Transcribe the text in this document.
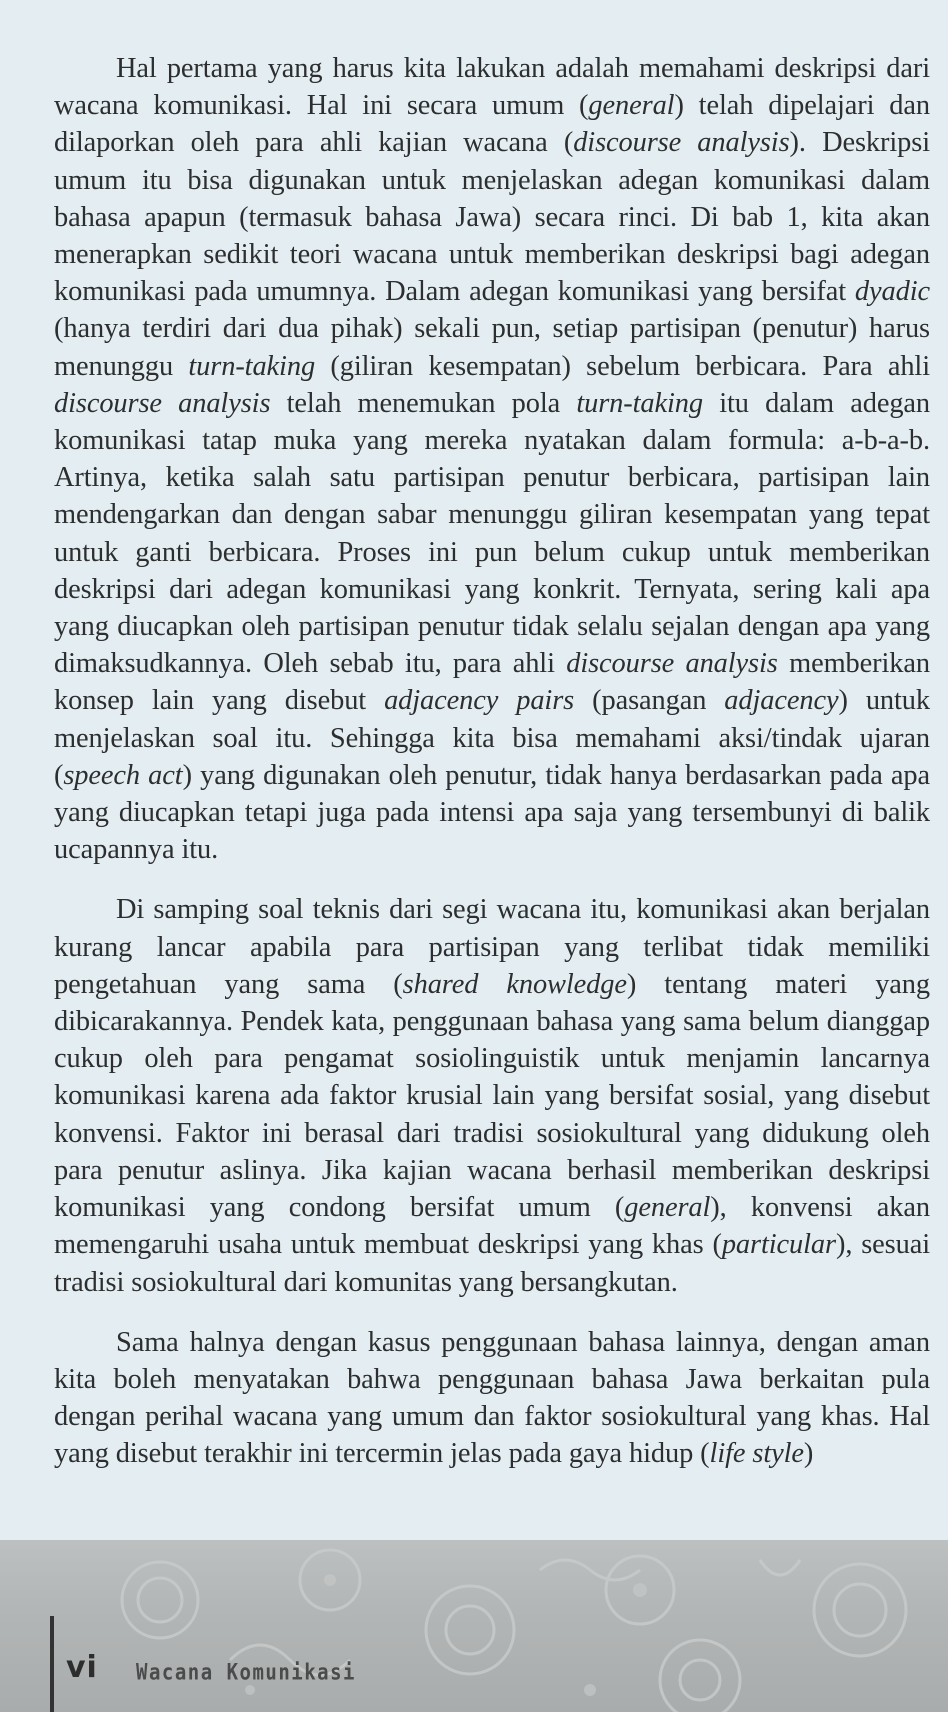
Hal pertama yang harus kita lakukan adalah memahami deskripsi dari wacana komunikasi. Hal ini secara umum (general) telah dipelajari dan dilaporkan oleh para ahli kajian wacana (discourse analysis). Deskripsi umum itu bisa digunakan untuk menjelaskan adegan komunikasi dalam bahasa apapun (termasuk bahasa Jawa) secara rinci. Di bab 1, kita akan menerapkan sedikit teori wacana untuk memberikan deskripsi bagi adegan komunikasi pada umumnya. Dalam adegan komunikasi yang bersifat dyadic (hanya terdiri dari dua pihak) sekali pun, setiap partisipan (penutur) harus menunggu turn-taking (giliran kesempatan) sebelum berbicara. Para ahli discourse analysis telah menemukan pola turn-taking itu dalam adegan komunikasi tatap muka yang mereka nyatakan dalam formula: a-b-a-b. Artinya, ketika salah satu partisipan penutur berbicara, partisipan lain mendengarkan dan dengan sabar menunggu giliran kesempatan yang tepat untuk ganti berbicara. Proses ini pun belum cukup untuk memberikan deskripsi dari adegan komunikasi yang konkrit. Ternyata, sering kali apa yang diucapkan oleh partisipan penutur tidak selalu sejalan dengan apa yang dimaksudkannya. Oleh sebab itu, para ahli discourse analysis memberikan konsep lain yang disebut adjacency pairs (pasangan adjacency) untuk menjelaskan soal itu. Sehingga kita bisa memahami aksi/tindak ujaran (speech act) yang digunakan oleh penutur, tidak hanya berdasarkan pada apa yang diucapkan tetapi juga pada intensi apa saja yang tersembunyi di balik ucapannya itu.

Di samping soal teknis dari segi wacana itu, komunikasi akan berjalan kurang lancar apabila para partisipan yang terlibat tidak memiliki pengetahuan yang sama (shared knowledge) tentang materi yang dibicarakannya. Pendek kata, penggunaan bahasa yang sama belum dianggap cukup oleh para pengamat sosiolinguistik untuk menjamin lancarnya komunikasi karena ada faktor krusial lain yang bersifat sosial, yang disebut konvensi. Faktor ini berasal dari tradisi sosiokultural yang didukung oleh para penutur aslinya. Jika kajian wacana berhasil memberikan deskripsi komunikasi yang condong bersifat umum (general), konvensi akan memengaruhi usaha untuk membuat deskripsi yang khas (particular), sesuai tradisi sosiokultural dari komunitas yang bersangkutan.

Sama halnya dengan kasus penggunaan bahasa lainnya, dengan aman kita boleh menyatakan bahwa penggunaan bahasa Jawa berkaitan pula dengan perihal wacana yang umum dan faktor sosiokultural yang khas. Hal yang disebut terakhir ini tercermin jelas pada gaya hidup (life style)

vi Wacana Komunikasi
